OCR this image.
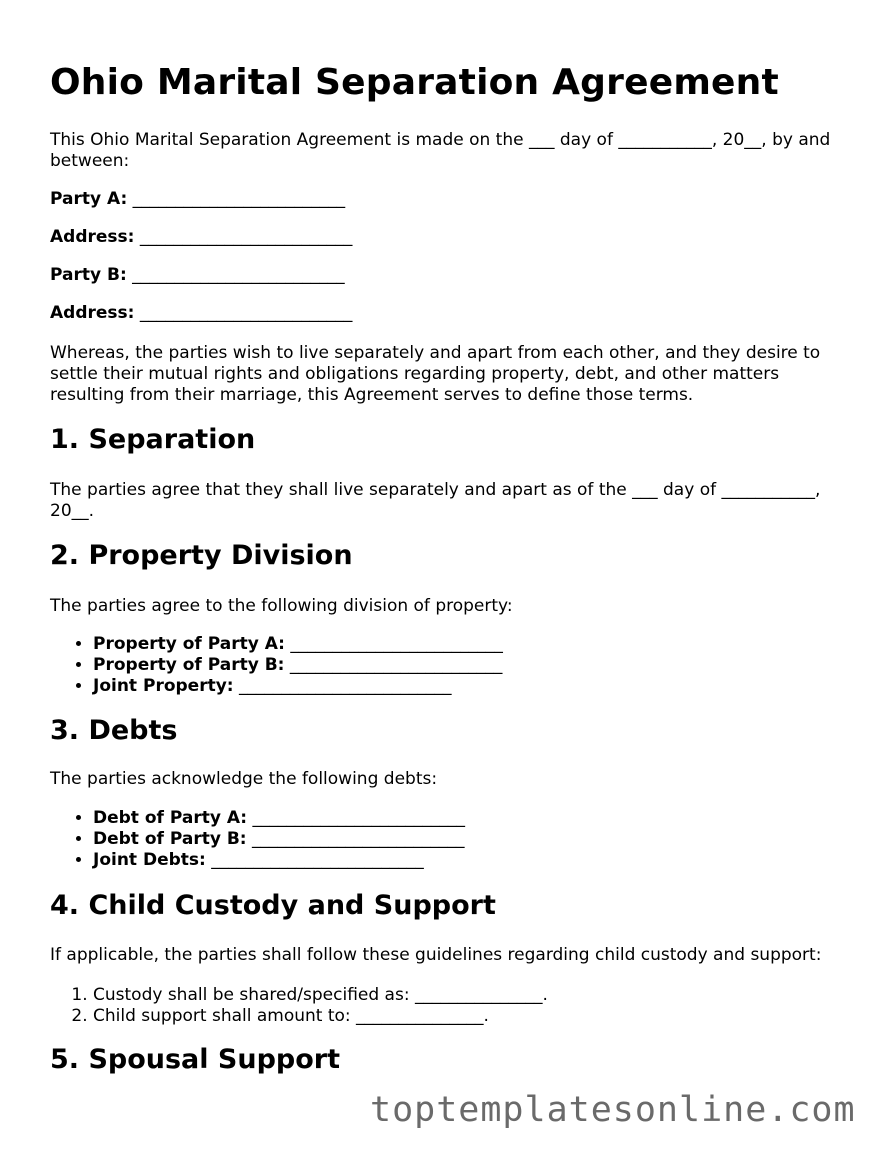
Ohio Marital Separation Agreement

This Ohio Marital Separation Agreement is made on the ___ day of ___________, 20__, by and between:

Party A: _________________________

Address: _________________________

Party B: _________________________

Address: _________________________

Whereas, the parties wish to live separately and apart from each other, and they desire to settle their mutual rights and obligations regarding property, debt, and other matters resulting from their marriage, this Agreement serves to define those terms.

1. Separation

The parties agree that they shall live separately and apart as of the ___ day of ___________, 20__.

2. Property Division

The parties agree to the following division of property:

• Property of Party A: _________________________
• Property of Party B: _________________________
• Joint Property: _________________________
3. Debts

The parties acknowledge the following debts:

• Debt of Party A: _________________________
• Debt of Party B: _________________________
• Joint Debts: _________________________
4. Child Custody and Support

If applicable, the parties shall follow these guidelines regarding child custody and support:

1. Custody shall be shared/specified as: _______________.
2. Child support shall amount to: _______________.
5. Spousal Support
toptemplatesonline.com
